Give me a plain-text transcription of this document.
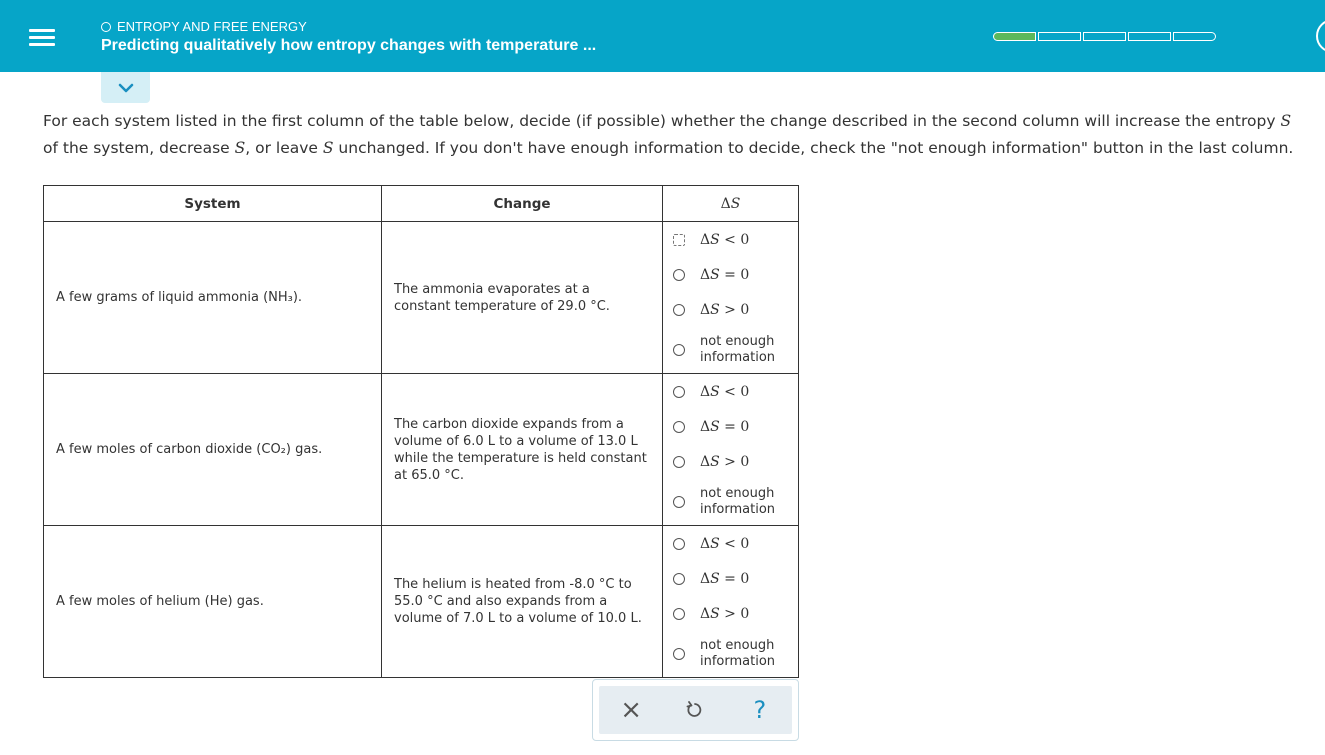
ENTROPY AND FREE ENERGY
Predicting qualitatively how entropy changes with temperature ...
For each system listed in the first column of the table below, decide (if possible) whether the change described in the second column will increase the entropy S
of the system, decrease S, or leave S unchanged. If you don't have enough information to decide, check the "not enough information" button in the last column.
System	Change	ΔS
A few grams of liquid ammonia (NH₃).	The ammonia evaporates at a constant temperature of 29.0 °C.	ΔS < 0
ΔS = 0
ΔS > 0
not enough
information

A few moles of carbon dioxide (CO₂) gas.	The carbon dioxide expands from a volume of 6.0 L to a volume of 13.0 L while the temperature is held constant at 65.0 °C.	ΔS < 0
ΔS = 0
ΔS > 0
not enough
information

A few moles of helium (He) gas.	The helium is heated from -8.0 °C to 55.0 °C and also expands from a volume of 7.0 L to a volume of 10.0 L.	ΔS < 0
ΔS = 0
ΔS > 0
not enough
information
×	?
